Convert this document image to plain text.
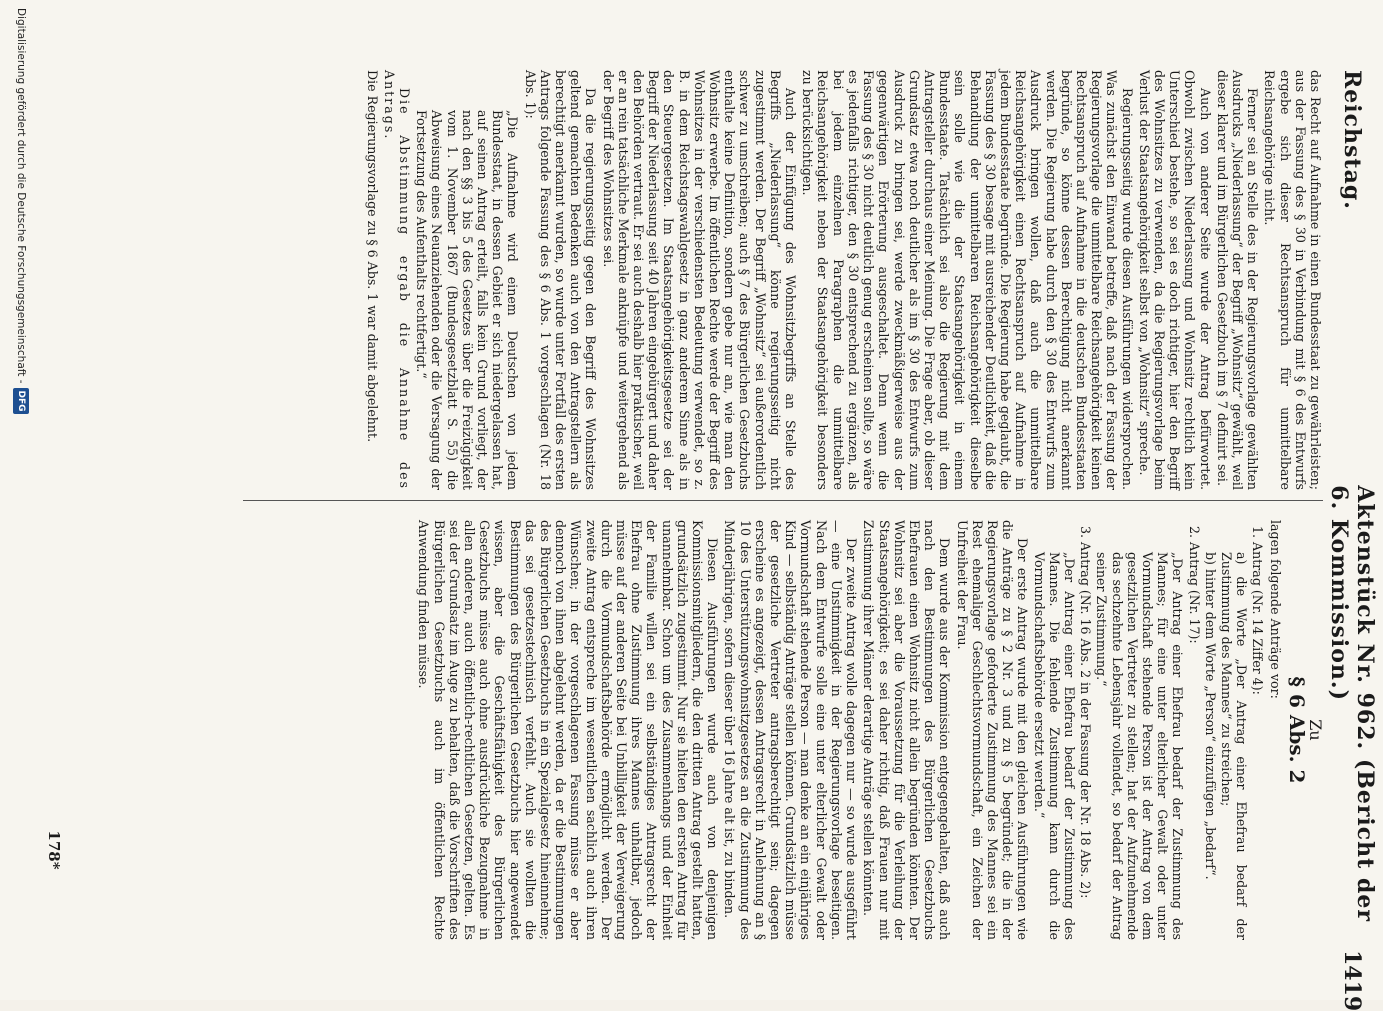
Reichstag.
Aktenstück Nr. 962. (Bericht der 6. Kommission.)
1419

das Recht auf Aufnahme in einen Bundesstaat zu gewährleisten; aus der Fassung des § 30 in Verbindung mit § 6 des Entwurfs ergebe sich dieser Rechtsanspruch für unmittelbare Reichsangehörige nicht.

Ferner sei an Stelle des in der Regierungsvorlage gewählten Ausdrucks „Niederlassung“ der Begriff „Wohnsitz“ gewählt, weil dieser klarer und im Bürgerlichen Gesetzbuch im § 7 definirt sei.

Auch von anderer Seite wurde der Antrag befürwortet. Obwohl zwischen Niederlassung und Wohnsitz rechtlich kein Unterschied bestehe, so sei es doch richtiger, hier den Begriff des Wohnsitzes zu verwenden, da die Regierungsvorlage beim Verlust der Staatsangehörigkeit selbst von „Wohnsitz“ spreche.

Regierungsseitig wurde diesen Ausführungen widersprochen. Was zunächst den Einwand betreffe, daß nach der Fassung der Regierungsvorlage die unmittelbare Reichsangehörigkeit keinen Rechtsanspruch auf Aufnahme in die deutschen Bundesstaaten begründe, so könne dessen Berechtigung nicht anerkannt werden. Die Regierung habe durch den § 30 des Entwurfs zum Ausdruck bringen wollen, daß auch die unmittelbare Reichsangehörigkeit einen Rechtsanspruch auf Aufnahme in jedem Bundesstaate begründe. Die Regierung habe geglaubt, die Fassung des § 30 besage mit ausreichender Deutlichkeit, daß die Behandlung der unmittelbaren Reichsangehörigkeit dieselbe sein solle wie die der Staatsangehörigkeit in einem Bundesstaate. Tatsächlich sei also die Regierung mit dem Antragsteller durchaus einer Meinung. Die Frage aber, ob dieser Grundsatz etwa noch deutlicher als im § 30 des Entwurfs zum Ausdruck zu bringen sei, werde zweckmäßigerweise aus der gegenwärtigen Erörterung ausgeschaltet. Denn wenn die Fassung des § 30 nicht deutlich genug erscheinen sollte, so wäre es jedenfalls richtiger, den § 30 entsprechend zu ergänzen, als bei jedem einzelnen Paragraphen die unmittelbare Reichsangehörigkeit neben der Staatsangehörigkeit besonders zu berücksichtigen.

Auch der Einfügung des Wohnsitzbegriffs an Stelle des Begriffs „Niederlassung“ könne regierungsseitig nicht zugestimmt werden. Der Begriff „Wohnsitz“ sei außerordentlich schwer zu umschreiben; auch § 7 des Bürgerlichen Gesetzbuchs enthalte keine Definition, sondern gebe nur an, wie man den Wohnsitz erwerbe. Im öffentlichen Rechte werde der Begriff des Wohnsitzes in der verschiedensten Bedeutung verwendet, so z. B. in dem Reichstagswahlgesetz in ganz anderem Sinne als in den Steuergesetzen. Im Staatsangehörigkeitsgesetze sei der Begriff der Niederlassung seit 40 Jahren eingebürgert und daher den Behörden vertraut. Er sei auch deshalb hier praktischer, weil er an rein tatsächliche Merkmale anknüpfe und weitergehend als der Begriff des Wohnsitzes sei.

Da die regierungsseitig gegen den Begriff des Wohnsitzes geltend gemachten Bedenken auch von den Antragstellern als berechtigt anerkannt wurden, so wurde unter Fortfall des ersten Antrags folgende Fassung des § 6 Abs. 1 vorgeschlagen (Nr. 18 Abs. 1):

„Die Aufnahme wird einem Deutschen von jedem Bundesstaat, in dessen Gebiet er sich niedergelassen hat, auf seinen Antrag erteilt, falls kein Grund vorliegt, der nach den §§ 3 bis 5 des Gesetzes über die Freizügigkeit vom 1. November 1867 (Bundesgesetzblatt S. 55) die Abweisung eines Neuanziehenden oder die Versagung der Fortsetzung des Aufenthalts rechtfertigt.“

Die Abstimmung ergab die Annahme des Antrags.

Die Regierungsvorlage zu § 6 Abs. 1 war damit abgelehnt.

Zu

§ 6 Abs. 2

lagen folgende Anträge vor:

1. Antrag (Nr. 14 Ziffer 4):
a) die Worte „Der Antrag einer Ehefrau bedarf der Zustimmung des Mannes“ zu streichen;
b) hinter dem Worte „Person“ einzufügen „bedarf“.
2. Antrag (Nr. 17):
„Der Antrag einer Ehefrau bedarf der Zustimmung des Mannes; für eine unter elterlicher Gewalt oder unter Vormundschaft stehende Person ist der Antrag von dem gesetzlichen Vertreter zu stellen; hat der Aufzunehmende das sechzehnte Lebensjahr vollendet, so bedarf der Antrag seiner Zustimmung.“
3. Antrag (Nr. 16 Abs. 2 in der Fassung der Nr. 18 Abs. 2):
„Der Antrag einer Ehefrau bedarf der Zustimmung des Mannes. Die fehlende Zustimmung kann durch die Vormundschaftsbehörde ersetzt werden.“

Der erste Antrag wurde mit den gleichen Ausführungen wie die Anträge zu § 2 Nr. 3 und zu § 5 begründet; die in der Regierungsvorlage geforderte Zustimmung des Mannes sei ein Rest ehemaliger Geschlechtsvormundschaft, ein Zeichen der Unfreiheit der Frau.

Dem wurde aus der Kommission entgegengehalten, daß auch nach den Bestimmungen des Bürgerlichen Gesetzbuchs Ehefrauen einen Wohnsitz nicht allein begründen könnten. Der Wohnsitz sei aber die Voraussetzung für die Verleihung der Staatsangehörigkeit; es sei daher richtig, daß Frauen nur mit Zustimmung ihrer Männer derartige Anträge stellen könnten.

Der zweite Antrag wolle dagegen nur — so wurde ausgeführt — eine Unstimmigkeit in der Regierungsvorlage beseitigen. Nach dem Entwurfe solle eine unter elterlicher Gewalt oder Vormundschaft stehende Person — man denke an ein einjähriges Kind — selbständig Anträge stellen können. Grundsätzlich müsse der gesetzliche Vertreter antragsberechtigt sein; dagegen erscheine es angezeigt, dessen Antragsrecht in Anlehnung an § 10 des Unterstützungswohnsitzgesetzes an die Zustimmung des Minderjährigen, sofern dieser über 16 Jahre alt ist, zu binden.

Diesen Ausführungen wurde auch von denjenigen Kommissionsmitgliedern, die den dritten Antrag gestellt hatten, grundsätzlich zugestimmt. Nur sie hielten den ersten Antrag für unannehmbar. Schon um des Zusammenhangs und der Einheit der Familie willen sei ein selbständiges Antragsrecht der Ehefrau ohne Zustimmung ihres Mannes unhaltbar, jedoch müsse auf der anderen Seite bei Unbilligkeit der Verweigerung durch die Vormundschaftsbehörde ermöglicht werden. Der zweite Antrag entspreche im wesentlichen sachlich auch ihren Wünschen; in der vorgeschlagenen Fassung müsse er aber dennoch von ihnen abgelehnt werden, da er die Bestimmungen des Bürgerlichen Gesetzbuchs in ein Spezialgesetz hineinnehme; das sei gesetzestechnisch verfehlt. Auch sie wollten die Bestimmungen des Bürgerlichen Gesetzbuchs hier angewendet wissen, aber die Geschäftsfähigkeit des Bürgerlichen Gesetzbuchs müsse auch ohne ausdrückliche Bezugnahme in allen anderen, auch öffentlich-rechtlichen Gesetzen, gelten. Es sei der Grundsatz im Auge zu behalten, daß die Vorschriften des Bürgerlichen Gesetzbuchs auch im öffentlichen Rechte Anwendung finden müsse.

178*
Digitalisierung gefördert durch die Deutsche Forschungsgemeinschaft -
DFG
